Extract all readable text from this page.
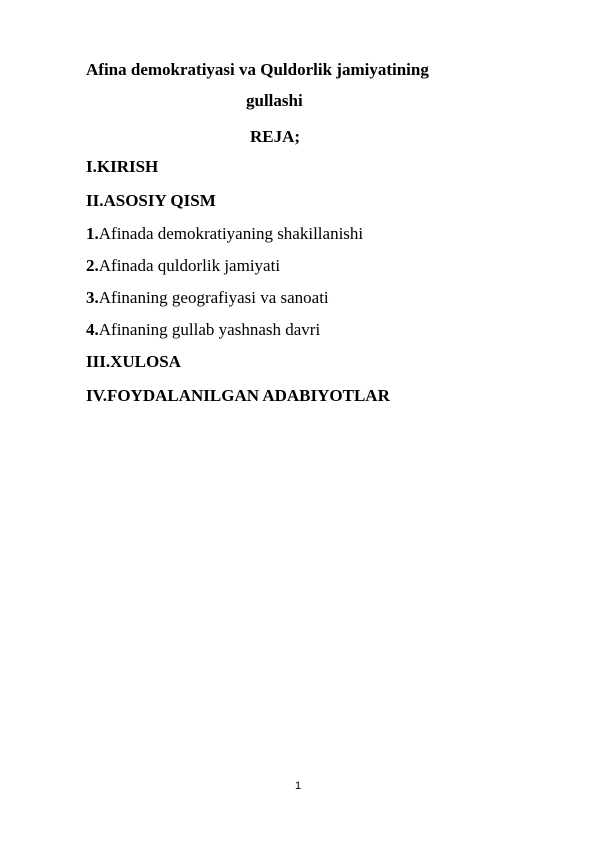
Afina demokratiyasi va Quldorlik jamiyatining
gullashi
REJA;
I.KIRISH
II.ASOSIY QISM
1.Afinada demokratiyaning shakillanishi
2.Afinada quldorlik jamiyati
3.Afinaning geografiyasi va sanoati
4.Afinaning gullab yashnash davri
III.XULOSA
IV.FOYDALANILGAN ADABIYOTLAR
1
